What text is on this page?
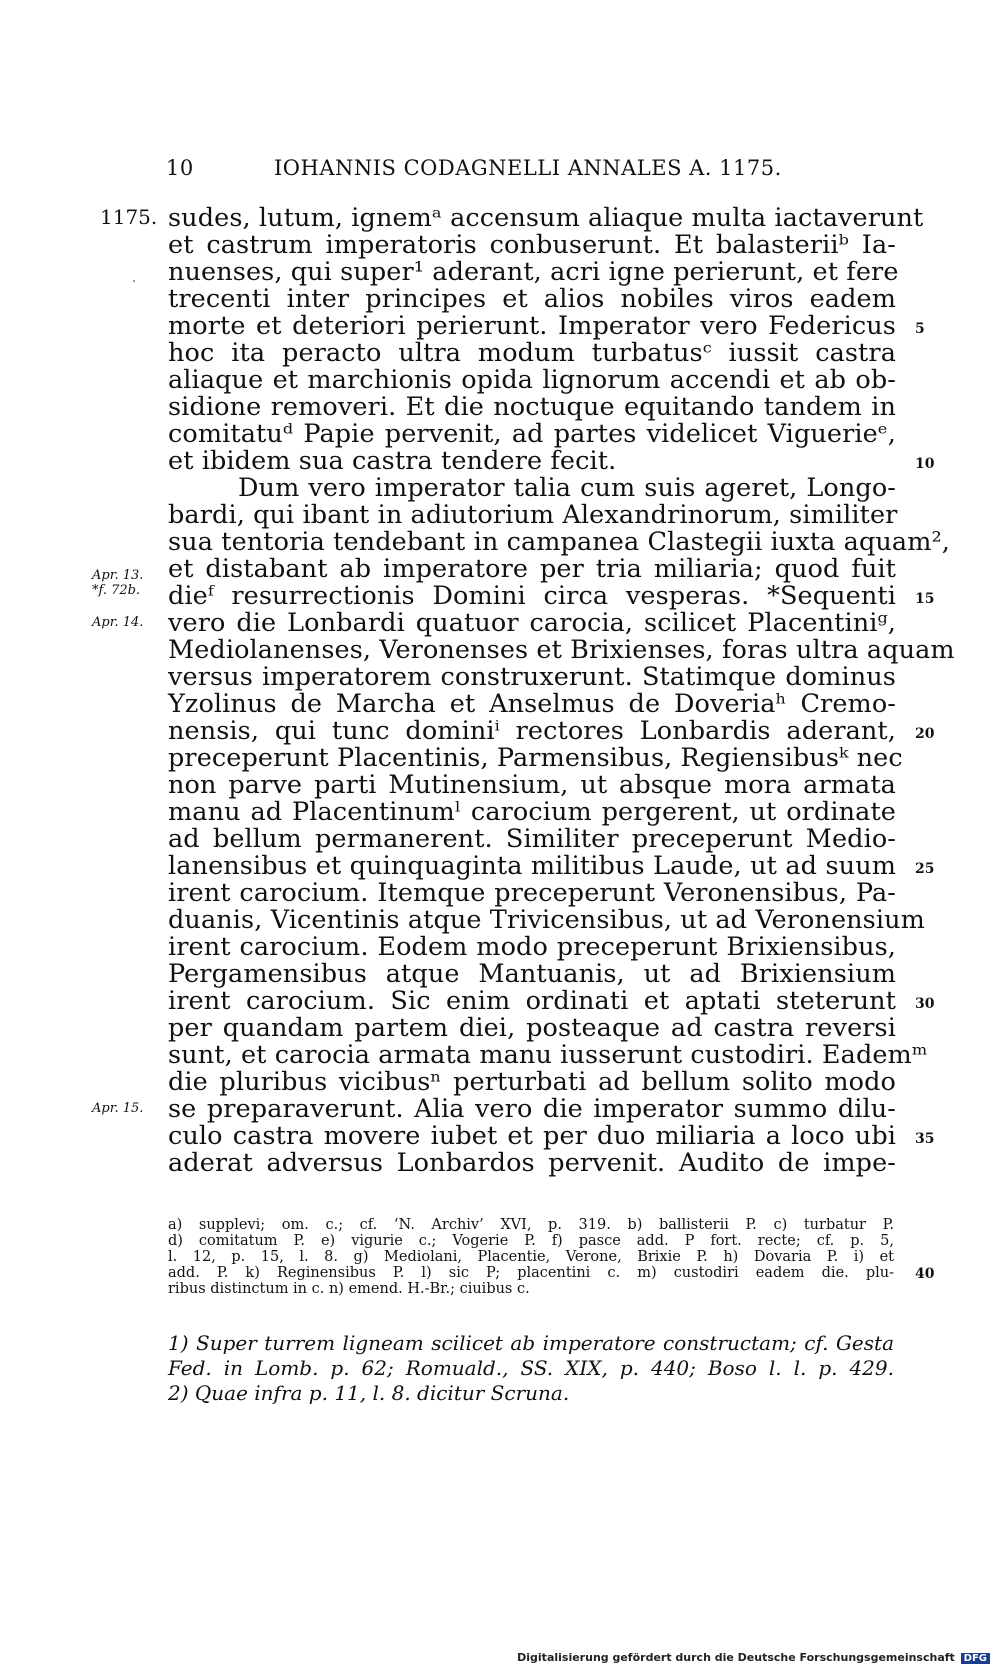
10	IOHANNIS CODAGNELLI ANNALES A. 1175.
1175. sudes, lutum, ignemᵃ accensum aliaque multa iactaverunt
et castrum imperatoris conbuserunt. Et balasteriiᵇ Ia-
nuenses, qui super¹ aderant, acri igne perierunt, et fere
trecenti inter principes et alios nobiles viros eadem
morte et deteriori perierunt. Imperator vero Federicus
hoc ita peracto ultra modum turbatusᶜ iussit castra
aliaque et marchionis opida lignorum accendi et ab ob-
sidione removeri. Et die noctuque equitando tandem in
comitatuᵈ Papie pervenit, ad partes videlicet Viguerieᵉ,
et ibidem sua castra tendere fecit.
Dum vero imperator talia cum suis ageret, Longo-
bardi, qui ibant in adiutorium Alexandrinorum, similiter
sua tentoria tendebant in campanea Clastegii iuxta aquam²,
et distabant ab imperatore per tria miliaria; quod fuit
dieᶠ resurrectionis Domini circa vesperas. *Sequenti
vero die Lonbardi quatuor carocia, scilicet Placentiniᵍ,
Mediolanenses, Veronenses et Brixienses, foras ultra aquam
versus imperatorem construxerunt. Statimque dominus
Yzolinus de Marcha et Anselmus de Doveriaʰ Cremo-
nensis, qui tunc dominiⁱ rectores Lonbardis aderant,
preceperunt Placentinis, Parmensibus, Regiensibusᵏ nec
non parve parti Mutinensium, ut absque mora armata
manu ad Placentinumˡ carocium pergerent, ut ordinate
ad bellum permanerent. Similiter preceperunt Medio-
lanensibus et quinquaginta militibus Laude, ut ad suum
irent carocium. Itemque preceperunt Veronensibus, Pa-
duanis, Vicentinis atque Trivicensibus, ut ad Veronensium
irent carocium. Eodem modo preceperunt Brixiensibus,
Pergamensibus atque Mantuanis, ut ad Brixiensium
irent carocium. Sic enim ordinati et aptati steterunt
per quandam partem diei, posteaque ad castra reversi
sunt, et carocia armata manu iusserunt custodiri. Eademᵐ
die pluribus vicibusⁿ perturbati ad bellum solito modo
se preparaverunt. Alia vero die imperator summo dilu-
culo castra movere iubet et per duo miliaria a loco ubi
aderat adversus Lonbardos pervenit. Audito de impe-
Apr. 13.
*f. 72b.
Apr. 14.
Apr. 15.
5
10
15
20
25
30
35
a) supplevi; om. c.; cf. ‘N. Archiv’ XVI, p. 319. b) ballisterii P. c) turbatur P.
d) comitatum P. e) vigurie c.; Vogerie P. f) pasce add. P fort. recte; cf. p. 5,
l. 12, p. 15, l. 8. g) Mediolani, Placentie, Verone, Brixie P. h) Dovaria P. i) et
add. P. k) Reginensibus P. l) sic P; placentini c. m) custodiri eadem die. plu-
ribus distinctum in c. n) emend. H.-Br.; ciuibus c.
40
1) Super turrem ligneam scilicet ab imperatore constructam; cf. Gesta
Fed. in Lomb. p. 62; Romuald., SS. XIX, p. 440; Boso l. l. p. 429.
2) Quae infra p. 11, l. 8. dicitur Scruna.
Digitalisierung gefördert durch die Deutsche Forschungsgemeinschaft DFG
